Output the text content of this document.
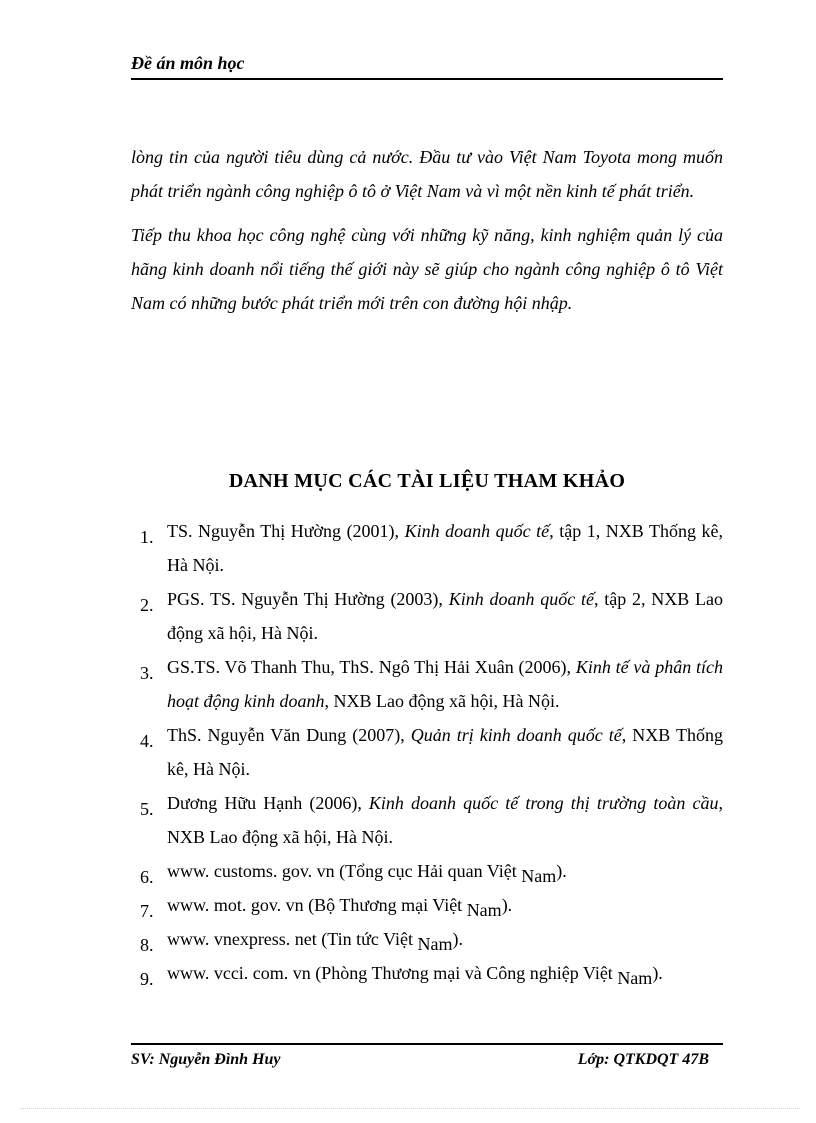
Đề án môn học

lòng tin của người tiêu dùng cả nước. Đầu tư vào Việt Nam Toyota mong muốn phát triển ngành công nghiệp ô tô ở Việt Nam và vì một nền kinh tế phát triển.

Tiếp thu khoa học công nghệ cùng với những kỹ năng, kinh nghiệm quản lý của hãng kinh doanh nổi tiếng thế giới này sẽ giúp cho ngành công nghiệp ô tô Việt Nam có những bước phát triển mới trên con đường hội nhập.

DANH MỤC CÁC TÀI LIỆU THAM KHẢO
1. TS. Nguyễn Thị Hường (2001), Kinh doanh quốc tế, tập 1, NXB Thống kê, Hà Nội.
2. PGS. TS. Nguyễn Thị Hường (2003), Kinh doanh quốc tế, tập 2, NXB Lao động xã hội, Hà Nội.
3. GS.TS. Võ Thanh Thu, ThS. Ngô Thị Hải Xuân (2006), Kinh tế và phân tích hoạt động kinh doanh, NXB Lao động xã hội, Hà Nội.
4. ThS. Nguyễn Văn Dung (2007), Quản trị kinh doanh quốc tế, NXB Thống kê, Hà Nội.
5. Dương Hữu Hạnh (2006), Kinh doanh quốc tế trong thị trường toàn cầu, NXB Lao động xã hội, Hà Nội.
6. www. customs. gov. vn (Tổng cục Hải quan Việt Nam).
7. www. mot. gov. vn (Bộ Thương mại Việt Nam).
8. www. vnexpress. net (Tin tức Việt Nam).
9. www. vcci. com. vn (Phòng Thương mại và Công nghiệp Việt Nam).
SV: Nguyễn Đình Huy	Lớp: QTKDQT 47B
